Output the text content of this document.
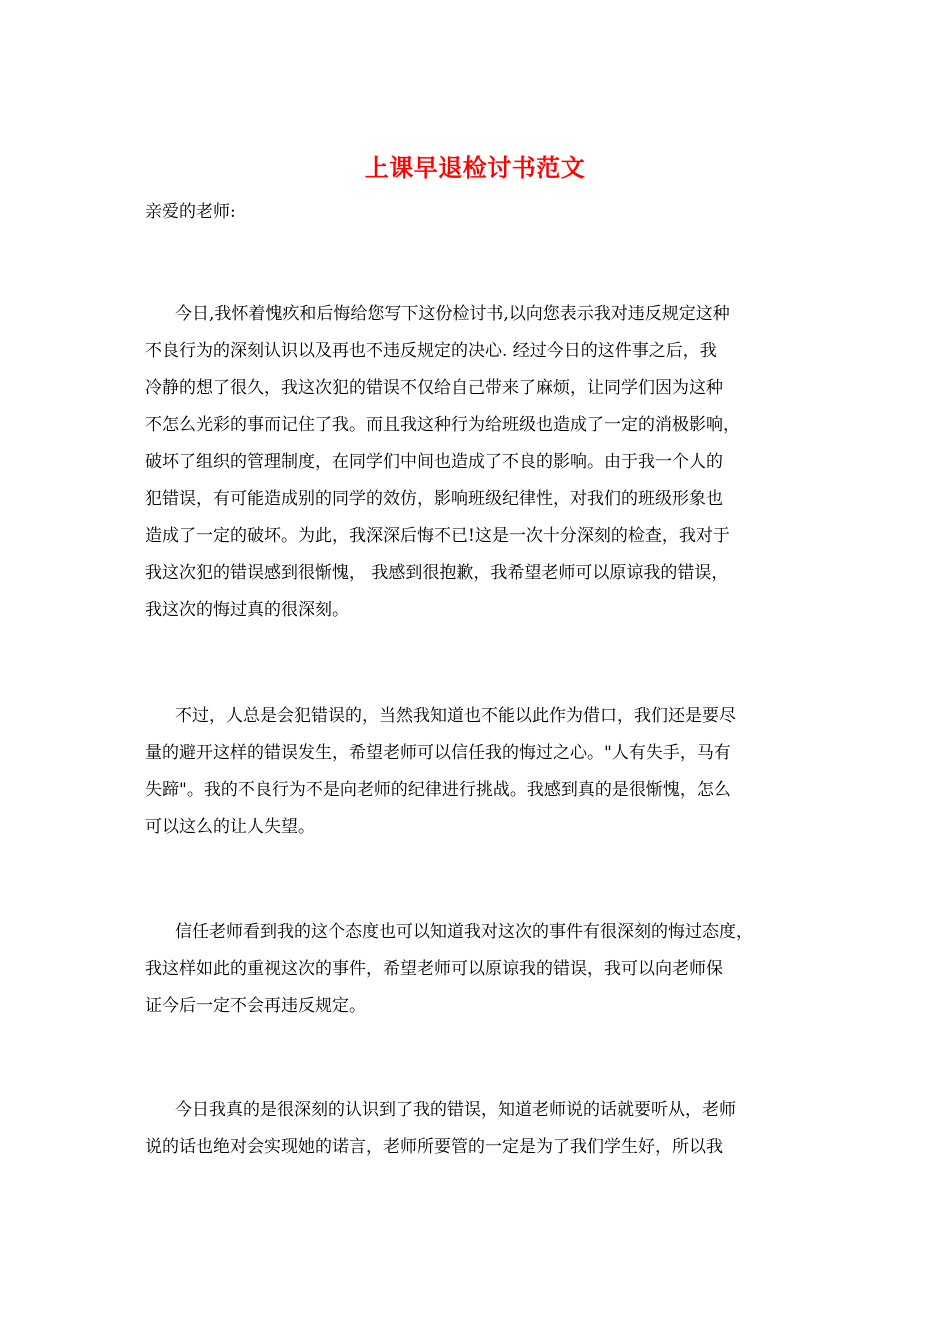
上课早退检讨书范文
亲爱的老师:
今日,我怀着愧疚和后悔给您写下这份检讨书,以向您表示我对违反规定这种
不良行为的深刻认识以及再也不违反规定的决心. 经过今日的这件事之后，我
冷静的想了很久，我这次犯的错误不仅给自己带来了麻烦，让同学们因为这种
不怎么光彩的事而记住了我。而且我这种行为给班级也造成了一定的消极影响，
破坏了组织的管理制度，在同学们中间也造成了不良的影响。由于我一个人的
犯错误，有可能造成别的同学的效仿，影响班级纪律性，对我们的班级形象也
造成了一定的破坏。为此，我深深后悔不已!这是一次十分深刻的检查，我对于
我这次犯的错误感到很惭愧， 我感到很抱歉，我希望老师可以原谅我的错误，
我这次的悔过真的很深刻。
不过，人总是会犯错误的，当然我知道也不能以此作为借口，我们还是要尽
量的避开这样的错误发生，希望老师可以信任我的悔过之心。"人有失手，马有
失蹄"。我的不良行为不是向老师的纪律进行挑战。我感到真的是很惭愧，怎么
可以这么的让人失望。
信任老师看到我的这个态度也可以知道我对这次的事件有很深刻的悔过态度，
我这样如此的重视这次的事件，希望老师可以原谅我的错误，我可以向老师保
证今后一定不会再违反规定。
今日我真的是很深刻的认识到了我的错误，知道老师说的话就要听从，老师
说的话也绝对会实现她的诺言，老师所要管的一定是为了我们学生好，所以我
